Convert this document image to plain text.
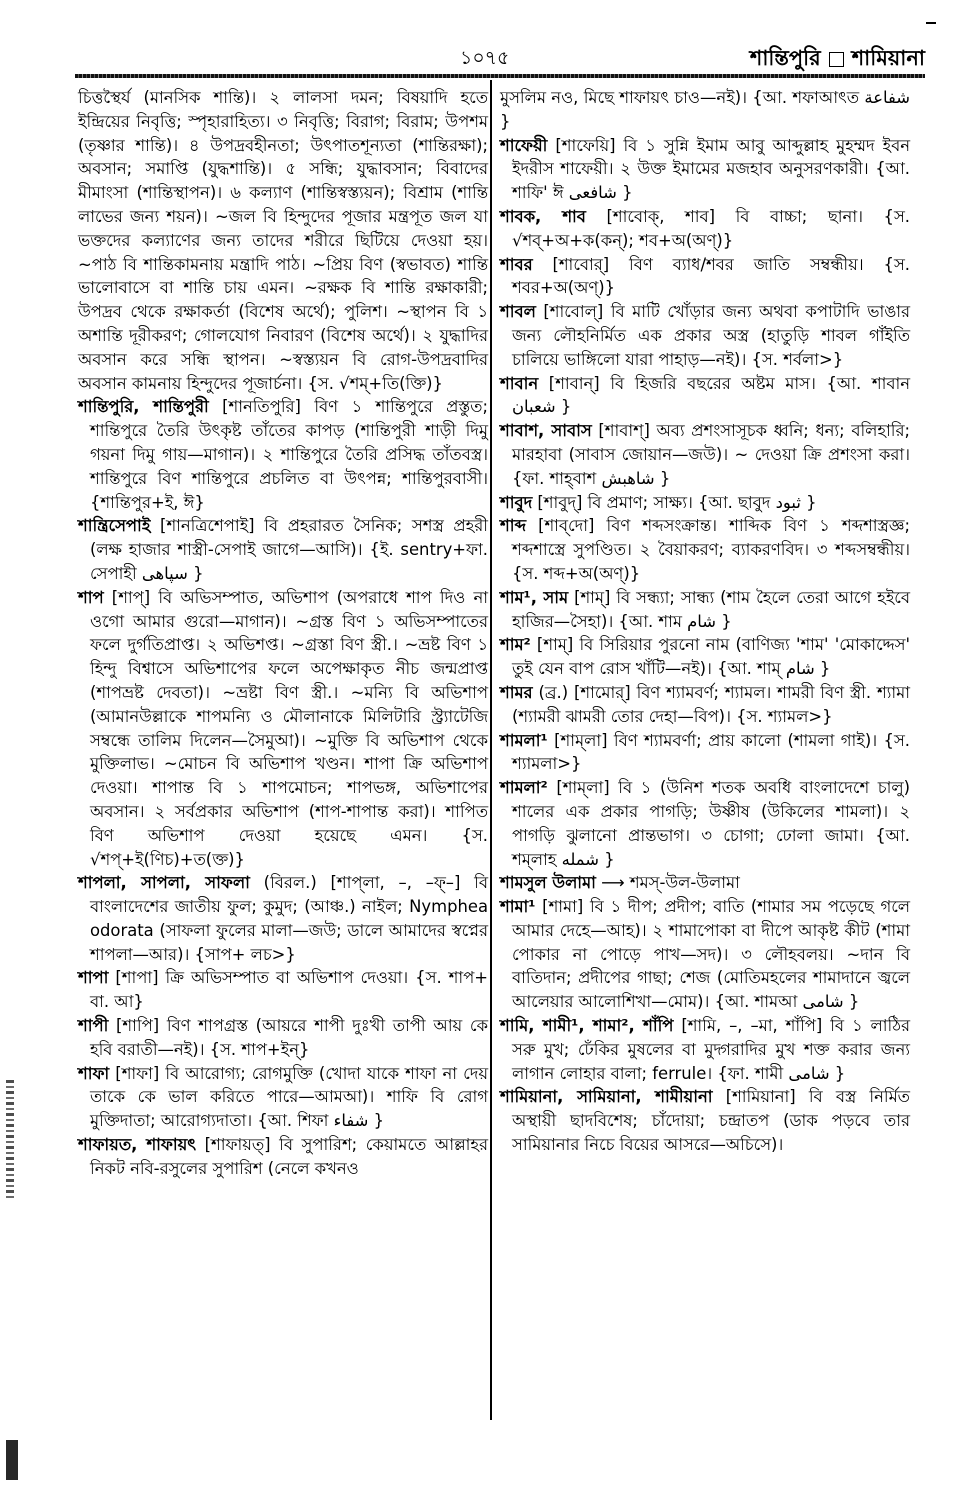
১০৭৫	শান্তিপুরি শামিয়ানা

চিত্তস্থৈর্য (মানসিক শান্তি)। ২ লালসা দমন; বিষয়াদি হতে ইন্দ্রিয়ের নিবৃত্তি; স্পৃহারাহিত্য। ৩ নিবৃত্তি; বিরাগ; বিরাম; উপশম (তৃষ্ণার শান্তি)। ৪ উপদ্রবহীনতা; উৎপাতশূন্যতা (শান্তিরক্ষা); অবসান; সমাপ্তি (যুদ্ধশান্তি)। ৫ সন্ধি; যুদ্ধাবসান; বিবাদের মীমাংসা (শান্তিস্থাপন)। ৬ কল্যাণ (শান্তিস্বস্ত্যয়ন); বিশ্রাম (শান্তি লাভের জন্য শয়ন)। ~জল বি হিন্দুদের পূজার মন্ত্রপূত জল যা ভক্তদের কল্যাণের জন্য তাদের শরীরে ছিটিয়ে দেওয়া হয়। ~পাঠ বি শান্তিকামনায় মন্ত্রাদি পাঠ। ~প্রিয় বিণ (স্বভাবত) শান্তি ভালোবাসে বা শান্তি চায় এমন। ~রক্ষক বি শান্তি রক্ষাকারী; উপদ্রব থেকে রক্ষাকর্তা (বিশেষ অর্থে); পুলিশ। ~স্থাপন বি ১ অশান্তি দূরীকরণ; গোলযোগ নিবারণ (বিশেষ অর্থে)। ২ যুদ্ধাদির অবসান করে সন্ধি স্থাপন। ~স্বস্ত্যয়ন বি রোগ-উপদ্রবাদির অবসান কামনায় হিন্দুদের পূজার্চনা। {স. √শম্+তি(ক্তি)}

শান্তিপুরি, শান্তিপুরী [শানতিপুরি] বিণ ১ শান্তিপুরে প্রস্তুত; শান্তিপুরে তৈরি উৎকৃষ্ট তাঁতের কাপড় (শান্তিপুরী শাড়ী দিমু গয়না দিমু গায়—মাগান)। ২ শান্তিপুরে তৈরি প্রসিদ্ধ তাঁতবস্ত্র। শান্তিপুরে বিণ শান্তিপুরে প্রচলিত বা উৎপন্ন; শান্তিপুরবাসী। {শান্তিপুর+ই, ঈ}

শান্ত্রিসেপাই [শানত্রিশেপাই] বি প্রহরারত সৈনিক; সশস্ত্র প্রহরী (লক্ষ হাজার শাস্ত্রী-সেপাই জাগে—আসি)। {ই. sentry+ফা. সেপাহী سپاهی }

শাপ [শাপ্] বি অভিসম্পাত, অভিশাপ (অপরাধে শাপ দিও না ওগো আমার গুরো—মাগান)। ~গ্রস্ত বিণ ১ অভিসম্পাতের ফলে দুর্গতিপ্রাপ্ত। ২ অভিশপ্ত। ~গ্রস্তা বিণ স্ত্রী.। ~ভ্রষ্ট বিণ ১ হিন্দু বিশ্বাসে অভিশাপের ফলে অপেক্ষাকৃত নীচ জন্মপ্রাপ্ত (শাপভ্রষ্ট দেবতা)। ~ভ্রষ্টা বিণ স্ত্রী.। ~মন্যি বি অভিশাপ (আমানউল্লাকে শাপমন্যি ও মৌলানাকে মিলিটারি স্ট্র্যাটেজি সম্বন্ধে তালিম দিলেন—সৈমুআ)। ~মুক্তি বি অভিশাপ থেকে মুক্তিলাভ। ~মোচন বি অভিশাপ খণ্ডন। শাপা ক্রি অভিশাপ দেওয়া। শাপান্ত বি ১ শাপমোচন; শাপভঙ্গ, অভিশাপের অবসান। ২ সর্বপ্রকার অভিশাপ (শাপ-শাপান্ত করা)। শাপিত বিণ অভিশাপ দেওয়া হয়েছে এমন। {স. √শপ্+ই(ণিচ)+ত(ক্ত)}

শাপলা, সাপলা, সাফলা (বিরল.) [শাপ্‌লা, –, –ফ্–] বি বাংলাদেশের জাতীয় ফুল; কুমুদ; (আঞ্চ.) নাইল; Nymphea odorata (সাফলা ফুলের মালা—জউ; ডালে আমাদের স্বপ্নের শাপলা—আর)। {সাপ+ লচ>}

শাপা [শাপা] ক্রি অভিসম্পাত বা অভিশাপ দেওয়া। {স. শাপ+ বা. আ}

শাপী [শাপি] বিণ শাপগ্রস্ত (আয়রে শাপী দুঃখী তাপী আয় কে হবি বরাতী—নই)। {স. শাপ+ইন্}

শাফা [শাফা] বি আরোগ্য; রোগমুক্তি (খোদা যাকে শাফা না দেয় তাকে কে ভাল করিতে পারে—আমআ)। শাফি বি রোগ মুক্তিদাতা; আরোগ্যদাতা। {আ. শিফা شفاء }

শাফায়ত, শাফায়ৎ [শাফায়ত্] বি সুপারিশ; কেয়ামতে আল্লাহর নিকট নবি-রসুলের সুপারিশ (নেলে কখনও

মুসলিম নও, মিছে শাফায়ৎ চাও—নই)। {আ. শফাআৎত شفاعة }

শাফেয়ী [শাফেয়ি] বি ১ সুন্নি ইমাম আবু আব্দুল্লাহ মুহম্মদ ইবন ইদরীস শাফেয়ী। ২ উক্ত ইমামের মজহাব অনুসরণকারী। {আ. শাফি' ঈ شافعی }

শাবক, শাব [শাবোক্, শাব] বি বাচ্চা; ছানা। {স. √শব্+অ+ক(কন্); শব+অ(অণ্)}

শাবর [শাবোর্] বিণ ব্যাধ/শবর জাতি সম্বন্ধীয়। {স. শবর+অ(অণ্)}

শাবল [শাবোল্] বি মাটি খোঁড়ার জন্য অথবা কপাটাদি ভাঙার জন্য লৌহনির্মিত এক প্রকার অস্ত্র (হাতুড়ি শাবল গাঁইতি চালিয়ে ভাঙ্গিলো যারা পাহাড়—নই)। {স. শর্বলা>}

শাবান [শাবান্] বি হিজরি বছরের অষ্টম মাস। {আ. শাবান شعبان }

শাবাশ, সাবাস [শাবাশ্] অব্য প্রশংসাসূচক ধ্বনি; ধন্য; বলিহারি; মারহাবা (সাবাস জোয়ান—জউ)। ~ দেওয়া ক্রি প্রশংসা করা। {ফা. শাহ্‌বাশ شاهبش }

শাবুদ [শাবুদ্] বি প্রমাণ; সাক্ষ্য। {আ. ছাবুদ ثبود }

শাব্দ [শাব্‌দো] বিণ শব্দসংক্রান্ত। শাব্দিক বিণ ১ শব্দশাস্ত্রজ্ঞ; শব্দশাস্ত্রে সুপণ্ডিত। ২ বৈয়াকরণ; ব্যাকরণবিদ। ৩ শব্দসম্বন্ধীয়। {স. শব্দ+অ(অণ্)}

শাম¹, সাম [শাম্] বি সন্ধ্যা; সান্ধ্য (শাম হৈলে তেরা আগে হইবে হাজির—সৈহা)। {আ. শাম شام }

শাম² [শাম্] বি সিরিয়ার পুরনো নাম (বাণিজ্য 'শাম' 'মোকাদ্দেস' তুই যেন বাপ রোস খাঁটি—নই)। {আ. শাম্ شام }

শামর (ব্র.) [শামোর্] বিণ শ্যামবর্ণ; শ্যামল। শামরী বিণ স্ত্রী. শ্যামা (শ্যামরী ঝামরী তোর দেহা—বিপ)। {স. শ্যামল>}

শামলা¹ [শাম্‌লা] বিণ শ্যামবর্ণা; প্রায় কালো (শামলা গাই)। {স. শ্যামলা>}

শামলা² [শাম্‌লা] বি ১ (উনিশ শতক অবধি বাংলাদেশে চালু) শালের এক প্রকার পাগড়ি; উষ্ণীষ (উকিলের শামলা)। ২ পাগড়ি ঝুলানো প্রান্তভাগ। ৩ চোগা; ঢোলা জামা। {আ. শম্‌লাহ شمله }

শামসুল উলামা ⟶ শমস্-উল-উলামা

শামা¹ [শামা] বি ১ দীপ; প্রদীপ; বাতি (শামার সম পড়েছে গলে আমার দেহে—আহ)। ২ শামাপোকা বা দীপে আকৃষ্ট কীট (শামা পোকার না পোড়ে পাখ—সদ)। ৩ লৌহবলয়। ~দান বি বাতিদান; প্রদীপের গাছা; শেজ (মোতিমহলের শামাদানে জ্বলে আলেয়ার আলোশিখা—মোম)। {আ. শামআ شامی }

শামি, শামী¹, শামা², শাঁপি [শামি, –, –মা, শাঁপি] বি ১ লাঠির সরু মুখ; ঢেঁকির মুষলের বা মুদ্গরাদির মুখ শক্ত করার জন্য লাগান লোহার বালা; ferrule। {ফা. শামী شامی }

শামিয়ানা, সামিয়ানা, শামীয়ানা [শামিয়ানা] বি বস্ত্র নির্মিত অস্থায়ী ছাদবিশেষ; চাঁদোয়া; চন্দ্রাতপ (ডাক পড়বে তার সামিয়ানার নিচে বিয়ের আসরে—অচিসে)।
